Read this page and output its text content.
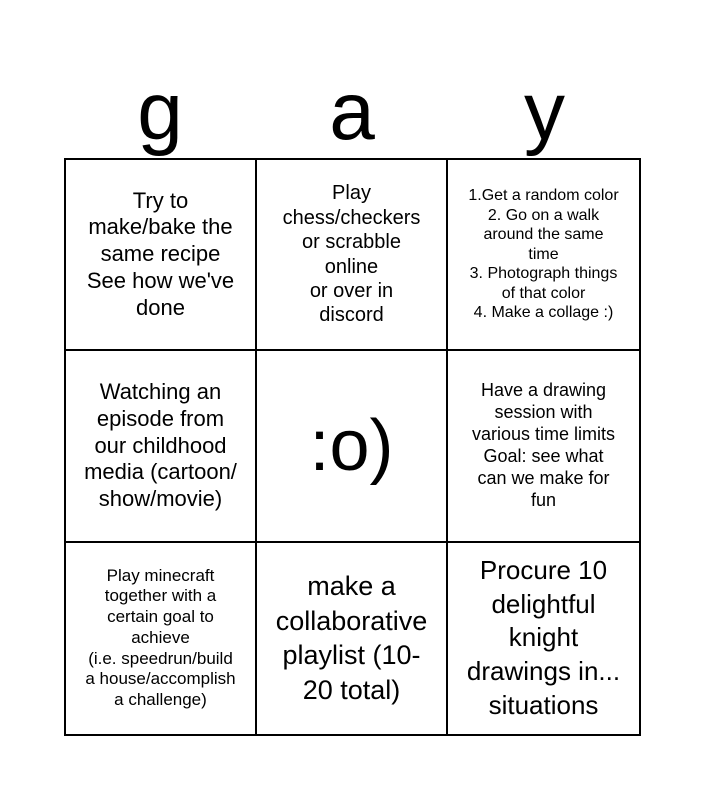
g	a	y
Try to
make/bake the
same recipe
See how we've
done
Play
chess/checkers
or scrabble
online
or over in
discord
1.Get a random color
2. Go on a walk
around the same
time
3. Photograph things
of that color
4. Make a collage :)
Watching an
episode from
our childhood
media (cartoon/
show/movie)
:o)
Have a drawing
session with
various time limits
Goal: see what
can we make for
fun
Play minecraft
together with a
certain goal to
achieve
(i.e. speedrun/build
a house/accomplish
a challenge)
make a
collaborative
playlist (10-
20 total)
Procure 10
delightful
knight
drawings in...
situations
